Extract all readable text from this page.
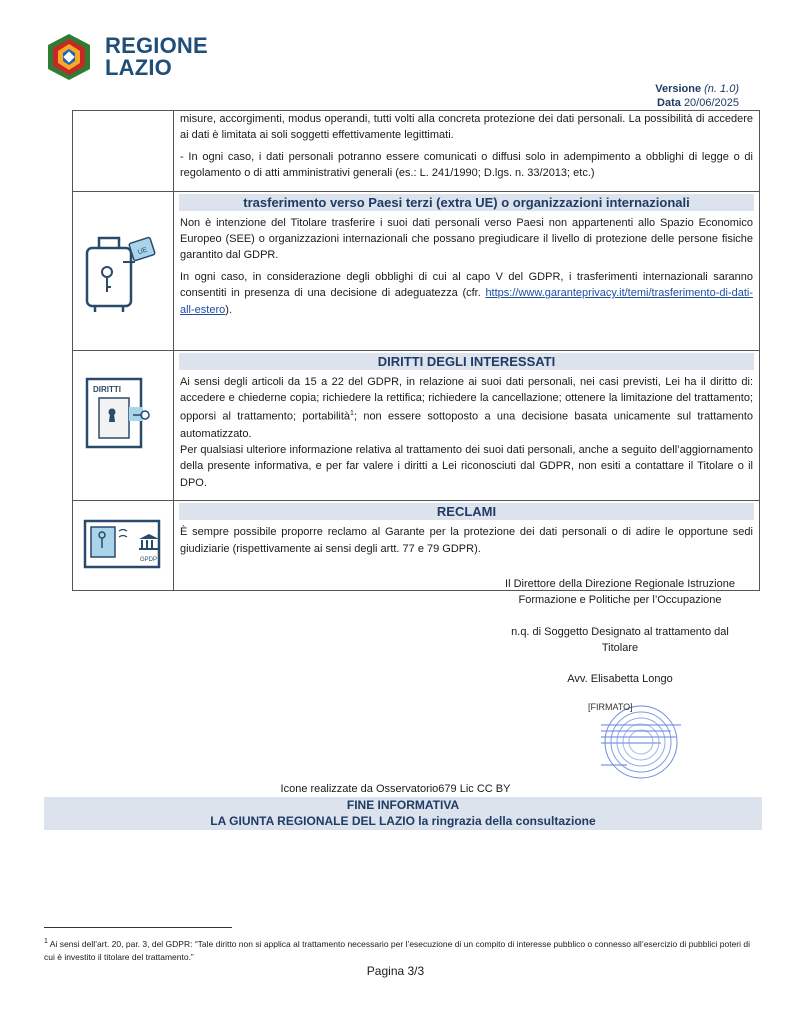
REGIONE
LAZIO
Versione (n. 1.0)
Data 20/06/2025

	misure, accorgimenti, modus operandi, tutti volti alla concreta protezione dei dati personali. La possibilità di accedere ai dati è limitata ai soli soggetti effettivamente legittimati.

- In ogni caso, i dati personali potranno essere comunicati o diffusi solo in adempimento a obblighi di legge o di regolamento o di atti amministrativi generali (es.: L. 241/1990; D.lgs. n. 33/2013; etc.)

UE	trasferimento verso Paesi terzi (extra UE) o organizzazioni internazionali

Non è intenzione del Titolare trasferire i suoi dati personali verso Paesi non appartenenti allo Spazio Economico Europeo (SEE) o organizzazioni internazionali che possano pregiudicare il livello di protezione delle persone fisiche garantito dal GDPR.

In ogni caso, in considerazione degli obblighi di cui al capo V del GDPR, i trasferimenti internazionali saranno consentiti in presenza di una decisione di adeguatezza (cfr. https://www.garanteprivacy.it/temi/trasferimento-di-dati-all-estero).

DIRITTI	DIRITTI DEGLI INTERESSATI

Ai sensi degli articoli da 15 a 22 del GDPR, in relazione ai suoi dati personali, nei casi previsti, Lei ha il diritto di: accedere e chiederne copia; richiedere la rettifica; richiedere la cancellazione; ottenere la limitazione del trattamento; opporsi al trattamento; portabilità$^1$; non essere sottoposto a una decisione basata unicamente sul trattamento automatizzato.

Per qualsiasi ulteriore informazione relativa al trattamento dei suoi dati personali, anche a seguito dell’aggiornamento della presente informativa, e per far valere i diritti a Lei riconosciuti dal GDPR, non esiti a contattare il Titolare o il DPO.

GPDP	RECLAMI

È sempre possibile proporre reclamo al Garante per la protezione dei dati personali o di adire le opportune sedi giudiziarie (rispettivamente ai sensi degli artt. 77 e 79 GDPR).

Il Direttore della Direzione Regionale Istruzione
Formazione e Politiche per l’Occupazione
n.q. di Soggetto Designato al trattamento dal
Titolare
Avv. Elisabetta Longo
[FIRMATO]
Icone realizzate da Osservatorio679 Lic CC BY
FINE INFORMATIVA
LA GIUNTA REGIONALE DEL LAZIO la ringrazia della consultazione
$^1$ Ai sensi dell’art. 20, par. 3, del GDPR: “Tale diritto non si applica al trattamento necessario per l’esecuzione di un compito di interesse pubblico o connesso all’esercizio di pubblici poteri di cui è investito il titolare del trattamento.”
Pagina 3/3
